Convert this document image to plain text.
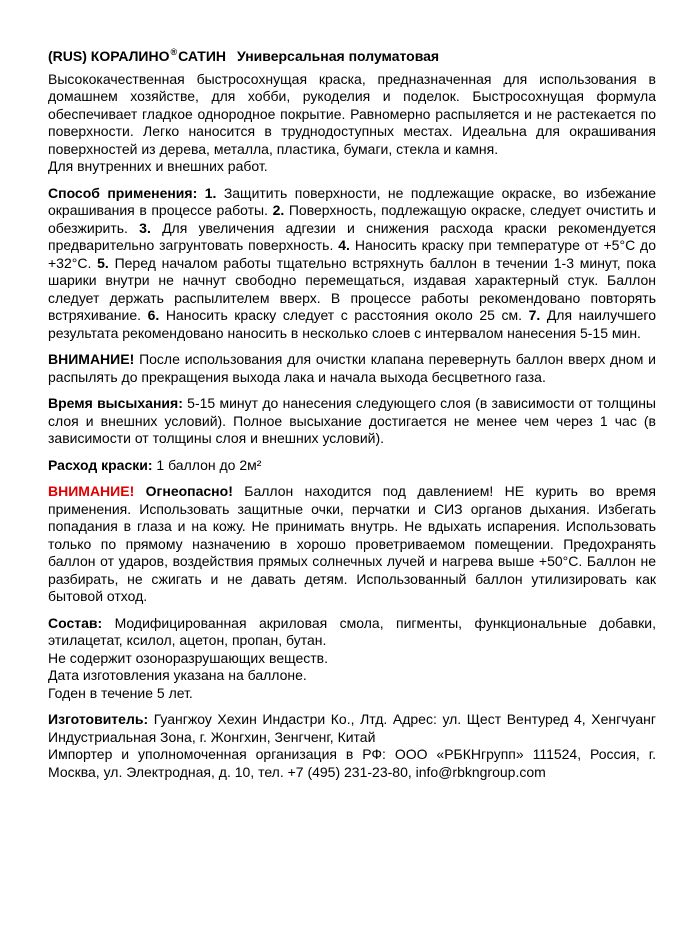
(RUS) КОРАЛИНО®САТИН Универсальная полуматовая

Высококачественная быстросохнущая краска, предназначенная для использования в домашнем хозяйстве, для хобби, рукоделия и поделок. Быстросохнущая формула обеспечивает гладкое однородное покрытие. Равномерно распыляется и не растекается по поверхности. Легко наносится в труднодоступных местах. Идеальна для окрашивания поверхностей из дерева, металла, пластика, бумаги, стекла и камня.

Для внутренних и внешних работ.

Способ применения: 1. Защитить поверхности, не подлежащие окраске, во избежание окрашивания в процессе работы. 2. Поверхность, подлежащую окраске, следует очистить и обезжирить. 3. Для увеличения адгезии и снижения расхода краски рекомендуется предварительно загрунтовать поверхность. 4. Наносить краску при температуре от +5°С до +32°С. 5. Перед началом работы тщательно встряхнуть баллон в течении 1-3 минут, пока шарики внутри не начнут свободно перемещаться, издавая характерный стук. Баллон следует держать распылителем вверх. В процессе работы рекомендовано повторять встряхивание. 6. Наносить краску следует с расстояния около 25 см. 7. Для наилучшего результата рекомендовано наносить в несколько слоев с интервалом нанесения 5-15 мин.

ВНИМАНИЕ! После использования для очистки клапана перевернуть баллон вверх дном и распылять до прекращения выхода лака и начала выхода бесцветного газа.

Время высыхания: 5-15 минут до нанесения следующего слоя (в зависимости от толщины слоя и внешних условий). Полное высыхание достигается не менее чем через 1 час (в зависимости от толщины слоя и внешних условий).

Расход краски: 1 баллон до 2м²

ВНИМАНИЕ! Огнеопасно! Баллон находится под давлением! НЕ курить во время применения. Использовать защитные очки, перчатки и СИЗ органов дыхания. Избегать попадания в глаза и на кожу. Не принимать внутрь. Не вдыхать испарения. Использовать только по прямому назначению в хорошо проветриваемом помещении. Предохранять баллон от ударов, воздействия прямых солнечных лучей и нагрева выше +50°С. Баллон не разбирать, не сжигать и не давать детям. Использованный баллон утилизировать как бытовой отход.

Состав: Модифицированная акриловая смола, пигменты, функциональные добавки, этилацетат, ксилол, ацетон, пропан, бутан.

Не содержит озоноразрушающих веществ.
Дата изготовления указана на баллоне.
Годен в течение 5 лет.

Изготовитель: Гуангжоу Хехин Индастри Ко., Лтд. Адрес: ул. Щест Вентуред 4, Хенгчуанг Индустриальная Зона, г. Жонгхин, Зенгченг, Китай

Импортер и уполномоченная организация в РФ: ООО «РБКНгрупп» 111524, Россия, г. Москва, ул. Электродная, д. 10, тел. +7 (495) 231-23-80, info@rbkngroup.com
